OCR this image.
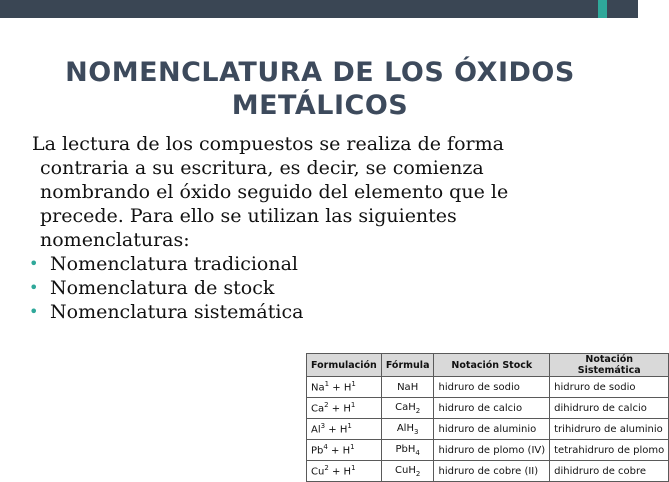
NOMENCLATURA DE LOS ÓXIDOS
METÁLICOS

La lectura de los compuestos se realiza de forma
contraria a su escritura, es decir, se comienza
nombrando el óxido seguido del elemento que le
precede. Para ello se utilizan las siguientes
nomenclaturas:

• Nomenclatura tradicional
• Nomenclatura de stock
• Nomenclatura sistemática
Formulación	Fórmula	Notación Stock	Notación Sistemática
$Na^1 + H^1$	NaH	hidruro de sodio	hidruro de sodio
$Ca^2 + H^1$	CaH$_2$	hidruro de calcio	dihidruro de calcio
$Al^3 + H^1$	AlH$_3$	hidruro de aluminio	trihidruro de aluminio
$Pb^4 + H^1$	PbH$_4$	hidruro de plomo (IV)	tetrahidruro de plomo
$Cu^2 + H^1$	CuH$_2$	hidruro de cobre (II)	dihidruro de cobre
